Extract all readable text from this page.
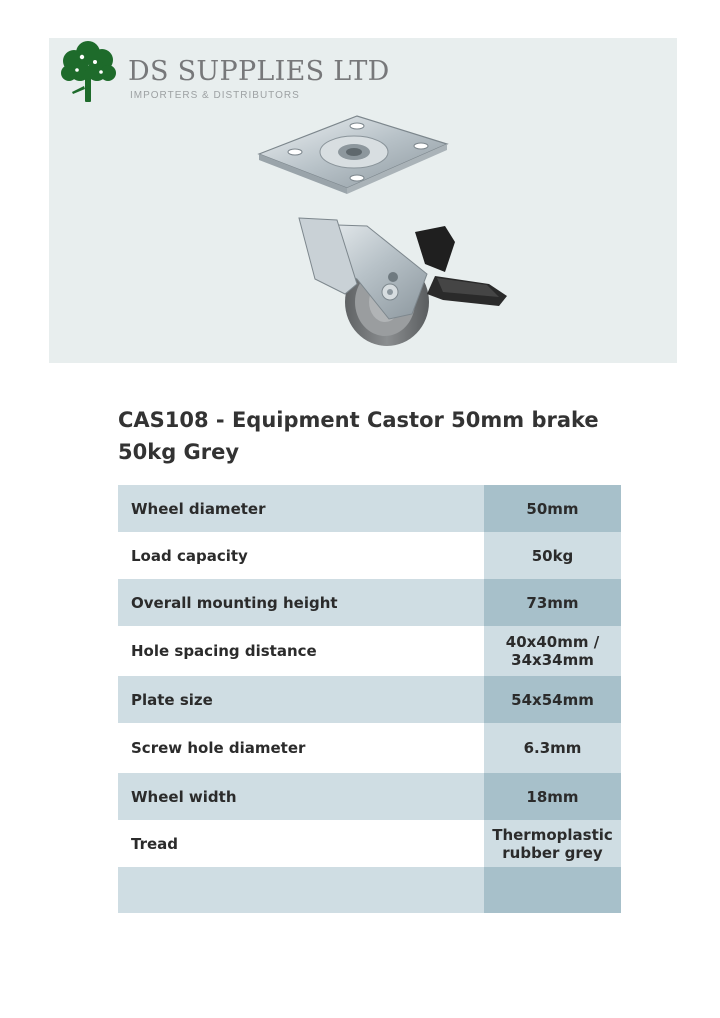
DS SUPPLIES LTD
IMPORTERS & DISTRIBUTORS
CAS108 - Equipment Castor 50mm brake
50kg Grey
Wheel diameter	50mm
Load capacity	50kg
Overall mounting height	73mm
Hole spacing distance	40x40mm /
34x34mm

Plate size	54x54mm
Screw hole diameter	6.3mm
Wheel width	18mm
Tread	Thermoplastic
rubber grey
